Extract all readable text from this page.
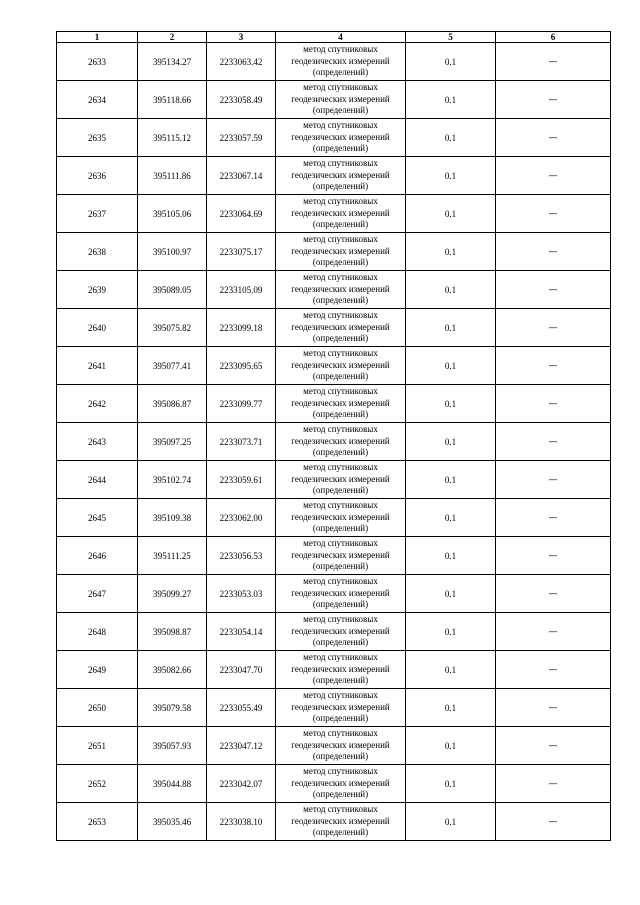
1	2	3	4	5	6
2633	395134.27	2233063.42	метод спутниковых
геодезических измерений
(определений)	0.1	—
2634	395118.66	2233058.49	метод спутниковых
геодезических измерений
(определений)	0.1	—
2635	395115.12	2233057.59	метод спутниковых
геодезических измерений
(определений)	0.1	—
2636	395111.86	2233067.14	метод спутниковых
геодезических измерений
(определений)	0.1	—
2637	395105.06	2233064.69	метод спутниковых
геодезических измерений
(определений)	0.1	—
2638	395100.97	2233075.17	метод спутниковых
геодезических измерений
(определений)	0.1	—
2639	395089.05	2233105.09	метод спутниковых
геодезических измерений
(определений)	0.1	—
2640	395075.82	2233099.18	метод спутниковых
геодезических измерений
(определений)	0.1	—
2641	395077.41	2233095.65	метод спутниковых
геодезических измерений
(определений)	0.1	—
2642	395086.87	2233099.77	метод спутниковых
геодезических измерений
(определений)	0.1	—
2643	395097.25	2233073.71	метод спутниковых
геодезических измерений
(определений)	0.1	—
2644	395102.74	2233059.61	метод спутниковых
геодезических измерений
(определений)	0.1	—
2645	395109.38	2233062.00	метод спутниковых
геодезических измерений
(определений)	0.1	—
2646	395111.25	2233056.53	метод спутниковых
геодезических измерений
(определений)	0.1	—
2647	395099.27	2233053.03	метод спутниковых
геодезических измерений
(определений)	0.1	—
2648	395098.87	2233054.14	метод спутниковых
геодезических измерений
(определений)	0.1	—
2649	395082.66	2233047.70	метод спутниковых
геодезических измерений
(определений)	0.1	—
2650	395079.58	2233055.49	метод спутниковых
геодезических измерений
(определений)	0.1	—
2651	395057.93	2233047.12	метод спутниковых
геодезических измерений
(определений)	0.1	—
2652	395044.88	2233042.07	метод спутниковых
геодезических измерений
(определений)	0.1	—
2653	395035.46	2233038.10	метод спутниковых
геодезических измерений
(определений)	0.1	—
